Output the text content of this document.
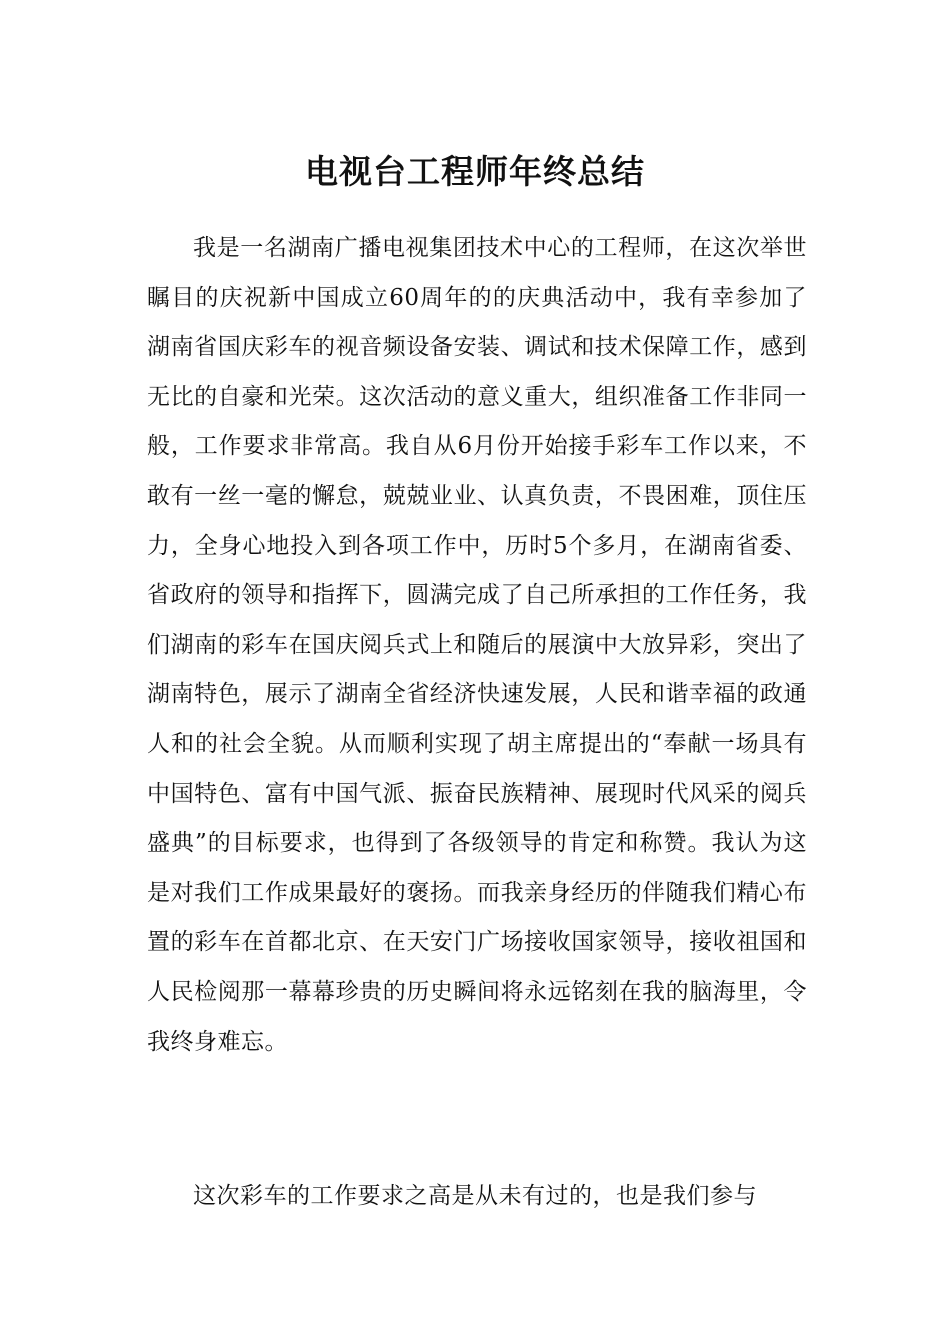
电视台工程师年终总结

我是一名湖南广播电视集团技术中心的工程师，在这次举世瞩目的庆祝新中国成立60周年的的庆典活动中，我有幸参加了湖南省国庆彩车的视音频设备安装、调试和技术保障工作，感到无比的自豪和光荣。这次活动的意义重大，组织准备工作非同一般，工作要求非常高。我自从6月份开始接手彩车工作以来，不敢有一丝一毫的懈怠，兢兢业业、认真负责，不畏困难，顶住压力，全身心地投入到各项工作中，历时5个多月，在湖南省委、省政府的领导和指挥下，圆满完成了自己所承担的工作任务，我们湖南的彩车在国庆阅兵式上和随后的展演中大放异彩，突出了湖南特色，展示了湖南全省经济快速发展，人民和谐幸福的政通人和的社会全貌。从而顺利实现了胡主席提出的“奉献一场具有中国特色、富有中国气派、振奋民族精神、展现时代风采的阅兵盛典”的目标要求，也得到了各级领导的肯定和称赞。我认为这是对我们工作成果最好的褒扬。而我亲身经历的伴随我们精心布置的彩车在首都北京、在天安门广场接收国家领导，接收祖国和人民检阅那一幕幕珍贵的历史瞬间将永远铭刻在我的脑海里，令我终身难忘。

这次彩车的工作要求之高是从未有过的，也是我们参与
